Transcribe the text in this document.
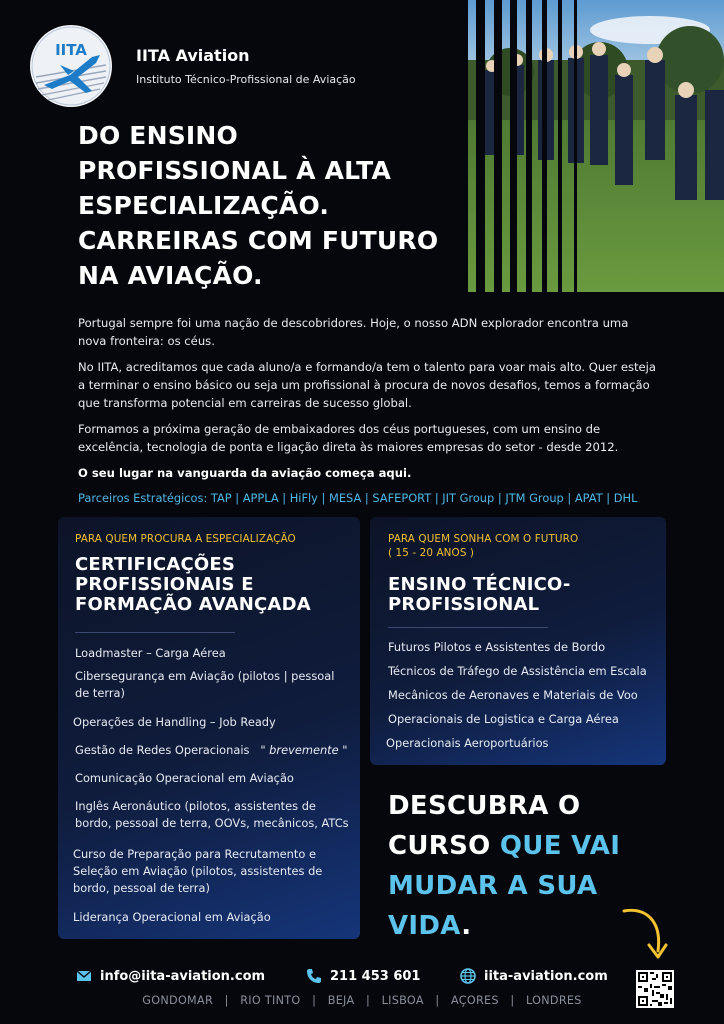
IITA	IITA Aviation
Instituto Técnico-Profissional de Aviação
DO ENSINO
PROFISSIONAL À ALTA
ESPECIALIZAÇÃO.
CARREIRAS COM FUTURO
NA AVIAÇÃO.

Portugal sempre foi uma nação de descobridores. Hoje, o nosso ADN explorador encontra uma nova fronteira: os céus.

No IITA, acreditamos que cada aluno/a e formando/a tem o talento para voar mais alto. Quer esteja a terminar o ensino básico ou seja um profissional à procura de novos desafios, temos a formação que transforma potencial em carreiras de sucesso global.

Formamos a próxima geração de embaixadores dos céus portugueses, com um ensino de excelência, tecnologia de ponta e ligação direta às maiores empresas do setor - desde 2012.

O seu lugar na vanguarda da aviação começa aqui.

Parceiros Estratégicos: TAP | APPLA | HiFly | MESA | SAFEPORT | JIT Group | JTM Group | APAT | DHL
PARA QUEM PROCURA A ESPECIALIZAÇÃO
CERTIFICAÇÕES
PROFISSIONAIS E
FORMAÇÃO AVANÇADA
Loadmaster – Carga Aérea
Cibersegurança em Aviação (pilotos | pessoal de terra)
Operações de Handling – Job Ready
Gestão de Redes Operacionais " brevemente "
Comunicação Operacional em Aviação
Inglês Aeronáutico (pilotos, assistentes de bordo, pessoal de terra, OOVs, mecânicos, ATCs
Curso de Preparação para Recrutamento e Seleção em Aviação (pilotos, assistentes de bordo, pessoal de terra)
Liderança Operacional em Aviação
PARA QUEM SONHA COM O FUTURO
( 15 - 20 ANOS )
ENSINO TÉCNICO-
PROFISSIONAL
Futuros Pilotos e Assistentes de Bordo
Técnicos de Tráfego de Assistência em Escala
Mecânicos de Aeronaves e Materiais de Voo
Operacionais de Logistica e Carga Aérea
Operacionais Aeroportuários
DESCUBRA O
CURSO QUE VAI
MUDAR A SUA
VIDA.
info@iita-aviation.com	211 453 601	iita-aviation.com
GONDOMAR   |   RIO TINTO   |   BEJA   |   LISBOA   |   AÇORES   |   LONDRES
